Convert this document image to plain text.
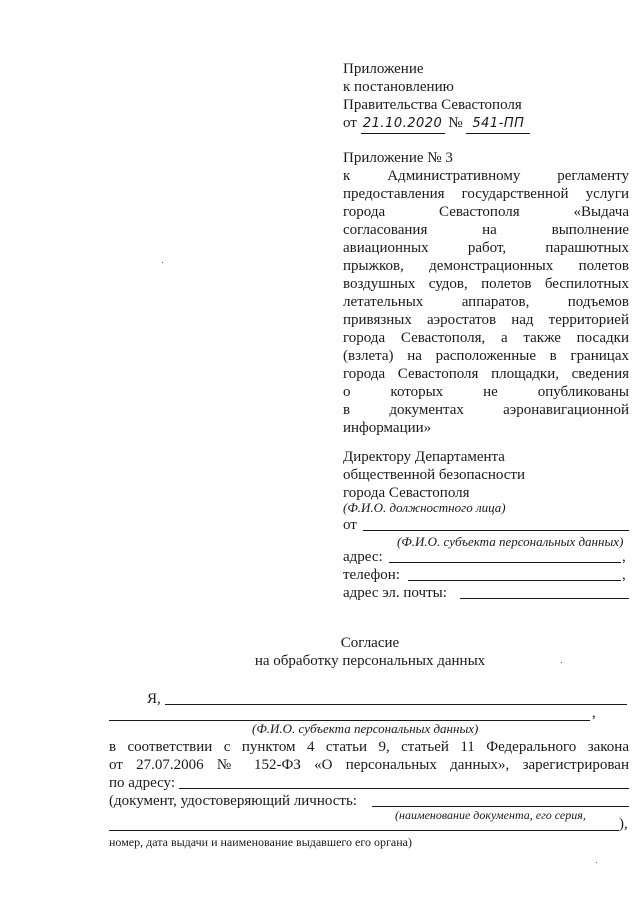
Приложение
к постановлению
Правительства Севастополя
от 21.10.2020 № 541-ПП
Приложение № 3
к Административному регламенту
предоставления государственной услуги
города Севастополя «Выдача
согласования на выполнение
авиационных работ, парашютных
прыжков, демонстрационных полетов
воздушных судов, полетов беспилотных
летательных аппаратов, подъемов
привязных аэростатов над территорией
города Севастополя, а также посадки
(взлета) на расположенные в границах
города Севастополя площадки, сведения
о которых не опубликованы
в документах аэронавигационной
информации»
Директору Департамента
общественной безопасности
города Севастополя
(Ф.И.О. должностного лица)
от
(Ф.И.О. субъекта персональных данных)
адрес:	,
телефон:	,
адрес эл. почты:
Согласие
на обработку персональных данных
Я,
,
(Ф.И.О. субъекта персональных данных)
в соответствии с пунктом 4 статьи 9, статьей 11 Федерального закона
от 27.07.2006 № 152-ФЗ «О персональных данных», зарегистрирован
по адресу:
(документ, удостоверяющий личность:
(наименование документа, его серия,
),
номер, дата выдачи и наименование выдавшего его органа)
